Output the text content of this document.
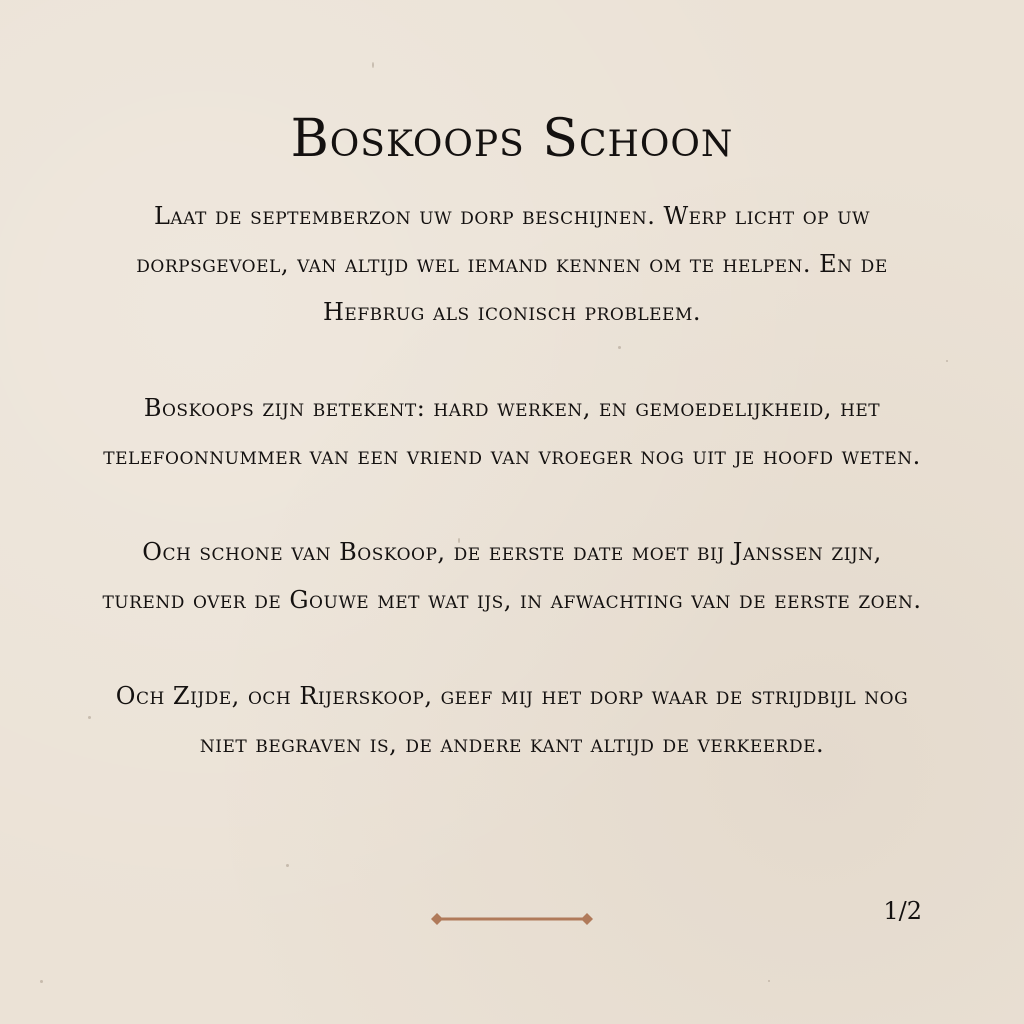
Boskoops Schoon

Laat de septemberzon uw dorp beschijnen. Werp licht op uw dorpsgevoel, van altijd wel iemand kennen om te helpen. En de Hefbrug als iconisch probleem.

Boskoops zijn betekent: hard werken, en gemoedelijkheid, het telefoonnummer van een vriend van vroeger nog uit je hoofd weten.

Och schone van Boskoop, de eerste date moet bij Janssen zijn, turend over de Gouwe met wat ijs, in afwachting van de eerste zoen.

Och Zijde, och Rijerskoop, geef mij het dorp waar de strijdbijl nog niet begraven is, de andere kant altijd de verkeerde.

1/2
